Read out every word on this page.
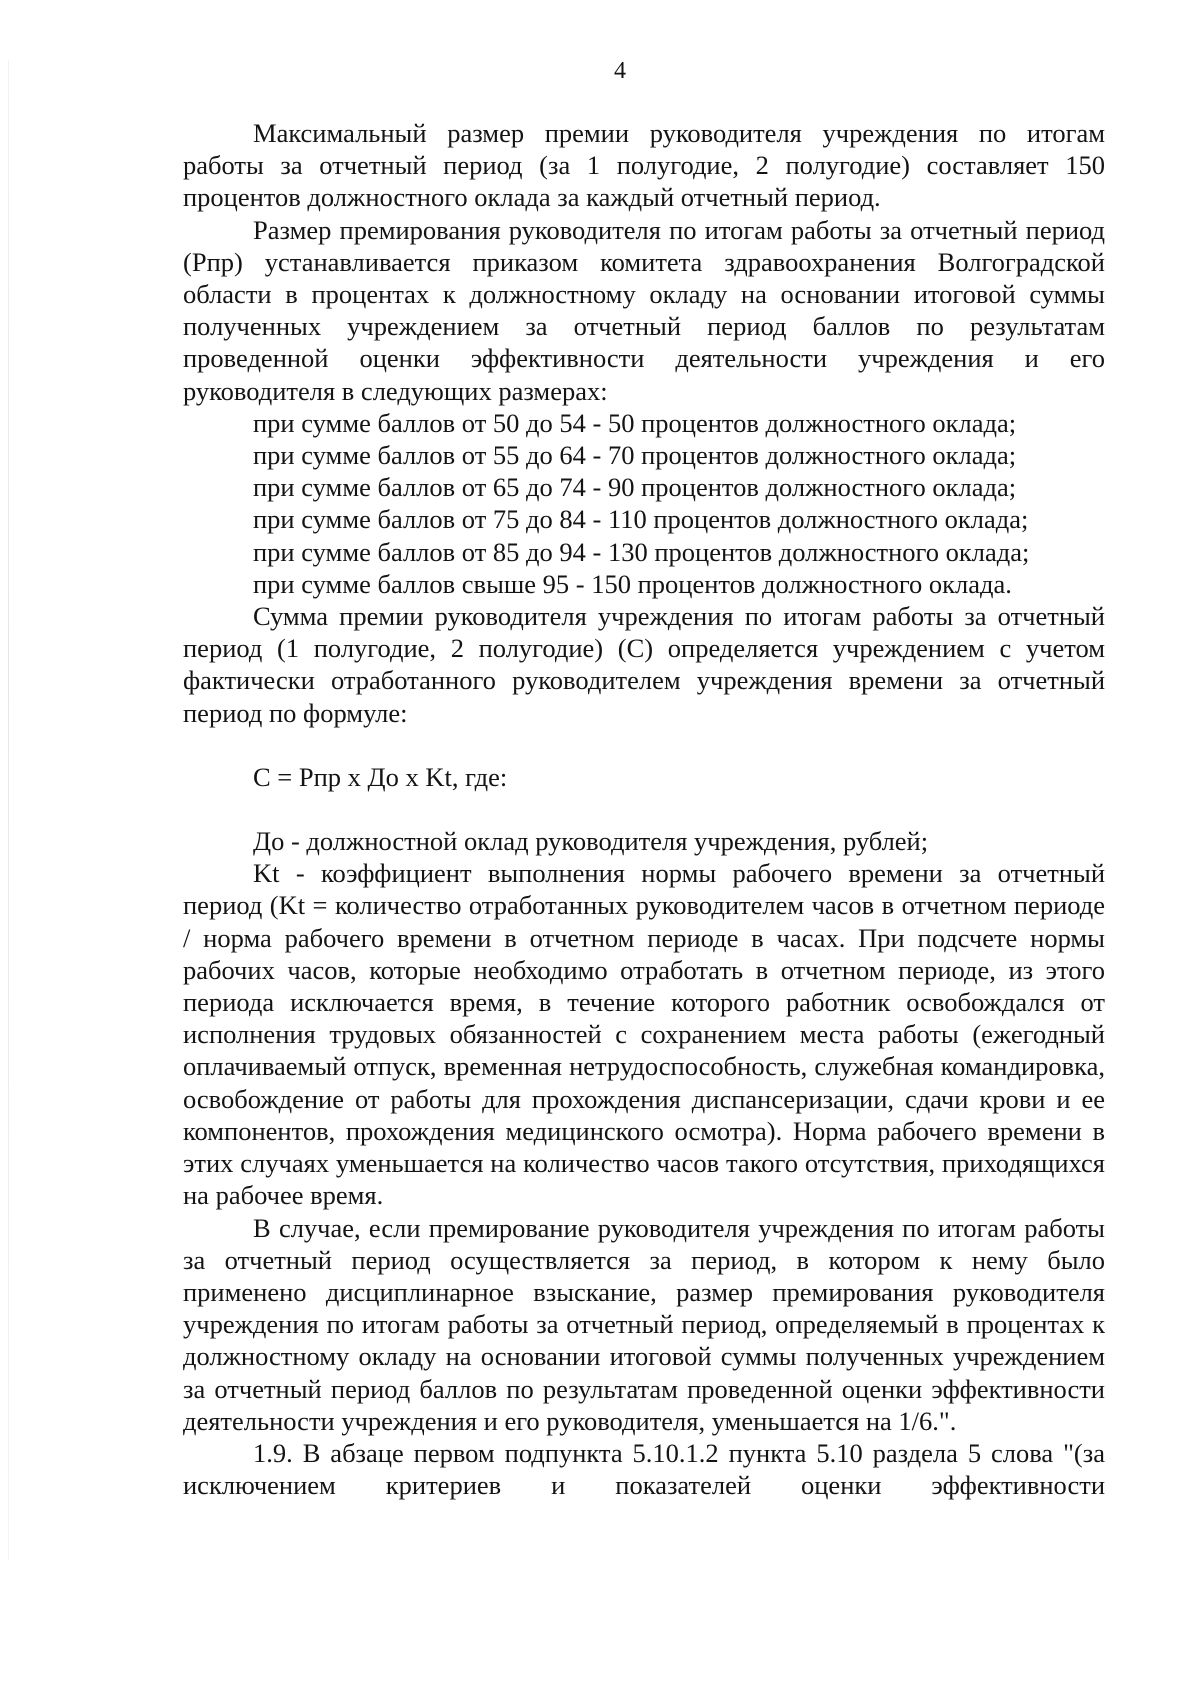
4

Максимальный размер премии руководителя учреждения по итогам работы за отчетный период (за 1 полугодие, 2 полугодие) составляет 150 процентов должностного оклада за каждый отчетный период.

Размер премирования руководителя по итогам работы за отчетный период (Рпр) устанавливается приказом комитета здравоохранения Волгоградской области в процентах к должностному окладу на основании итоговой суммы полученных учреждением за отчетный период баллов по результатам проведенной оценки эффективности деятельности учреждения и его руководителя в следующих размерах:

при сумме баллов от 50 до 54 - 50 процентов должностного оклада;

при сумме баллов от 55 до 64 - 70 процентов должностного оклада;

при сумме баллов от 65 до 74 - 90 процентов должностного оклада;

при сумме баллов от 75 до 84 - 110 процентов должностного оклада;

при сумме баллов от 85 до 94 - 130 процентов должностного оклада;

при сумме баллов свыше 95 - 150 процентов должностного оклада.

Сумма премии руководителя учреждения по итогам работы за отчетный период (1 полугодие, 2 полугодие) (С) определяется учреждением с учетом фактически отработанного руководителем учреждения времени за отчетный период по формуле:

С = Рпр х До х Kt, где:

До - должностной оклад руководителя учреждения, рублей;

Kt - коэффициент выполнения нормы рабочего времени за отчетный период (Kt = количество отработанных руководителем часов в отчетном периоде / норма рабочего времени в отчетном периоде в часах. При подсчете нормы рабочих часов, которые необходимо отработать в отчетном периоде, из этого периода исключается время, в течение которого работник освобождался от исполнения трудовых обязанностей с сохранением места работы (ежегодный оплачиваемый отпуск, временная нетрудоспособность, служебная командировка, освобождение от работы для прохождения диспансеризации, сдачи крови и ее компонентов, прохождения медицинского осмотра). Норма рабочего времени в этих случаях уменьшается на количество часов такого отсутствия, приходящихся на рабочее время.

В случае, если премирование руководителя учреждения по итогам работы за отчетный период осуществляется за период, в котором к нему было применено дисциплинарное взыскание, размер премирования руководителя учреждения по итогам работы за отчетный период, определяемый в процентах к должностному окладу на основании итоговой суммы полученных учреждением за отчетный период баллов по результатам проведенной оценки эффективности деятельности учреждения и его руководителя, уменьшается на 1/6.".

1.9. В абзаце первом подпункта 5.10.1.2 пункта 5.10 раздела 5 слова "(за исключением критериев и показателей оценки эффективности
